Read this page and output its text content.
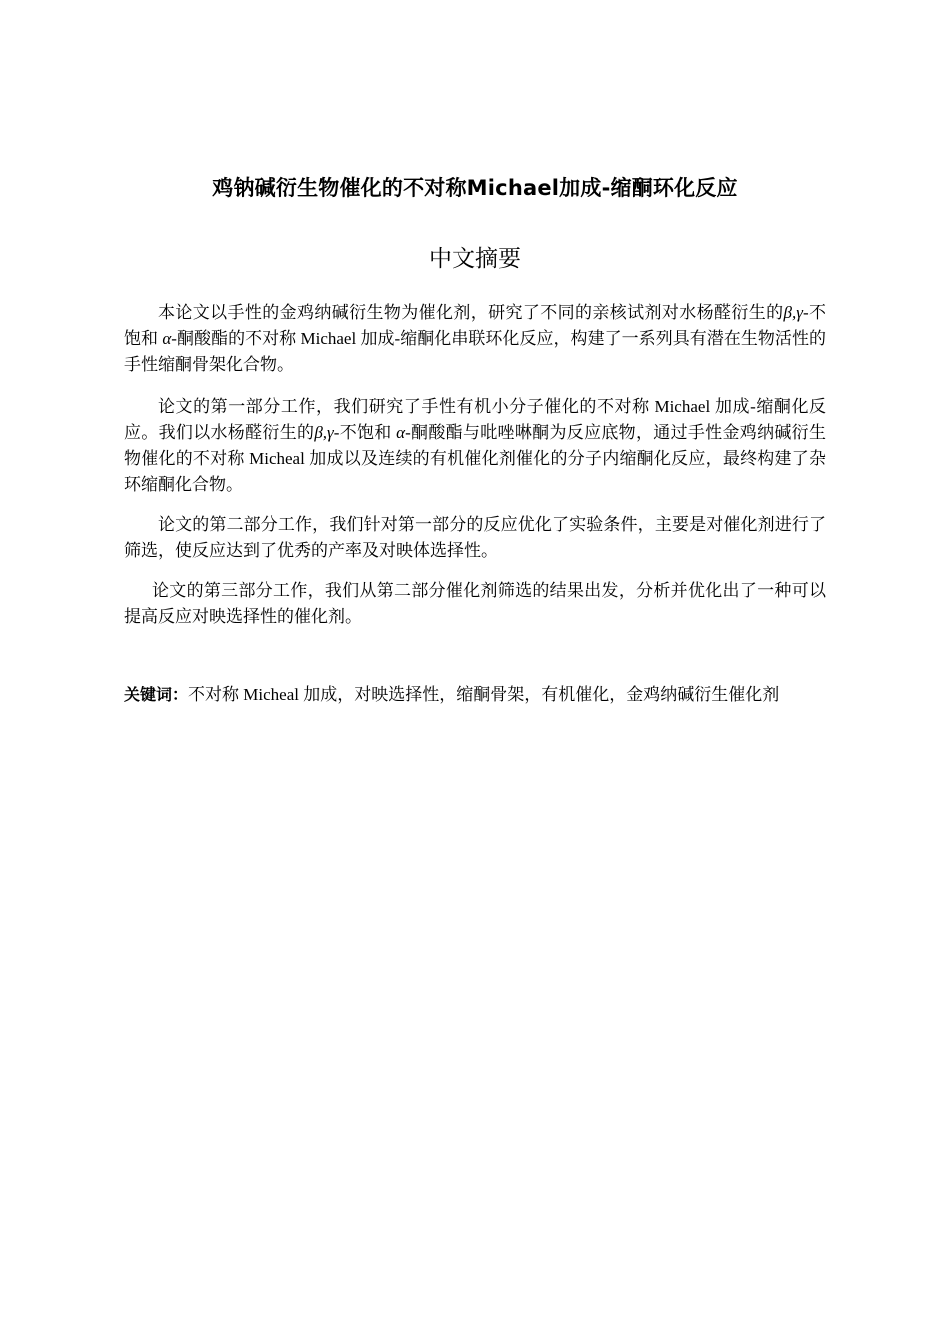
鸡钠碱衍生物催化的不对称Michael加成-缩酮环化反应
中文摘要

本论文以手性的金鸡纳碱衍生物为催化剂，研究了不同的亲核试剂对水杨醛衍生的β,γ-不饱和 α-酮酸酯的不对称 Michael 加成-缩酮化串联环化反应，构建了一系列具有潜在生物活性的手性缩酮骨架化合物。

论文的第一部分工作，我们研究了手性有机小分子催化的不对称 Michael 加成-缩酮化反应。我们以水杨醛衍生的β,γ-不饱和 α-酮酸酯与吡唑啉酮为反应底物，通过手性金鸡纳碱衍生物催化的不对称 Micheal 加成以及连续的有机催化剂催化的分子内缩酮化反应，最终构建了杂环缩酮化合物。

论文的第二部分工作，我们针对第一部分的反应优化了实验条件，主要是对催化剂进行了筛选，使反应达到了优秀的产率及对映体选择性。

论文的第三部分工作，我们从第二部分催化剂筛选的结果出发，分析并优化出了一种可以提高反应对映选择性的催化剂。

关键词：不对称 Micheal 加成，对映选择性，缩酮骨架，有机催化，金鸡纳碱衍生催化剂
